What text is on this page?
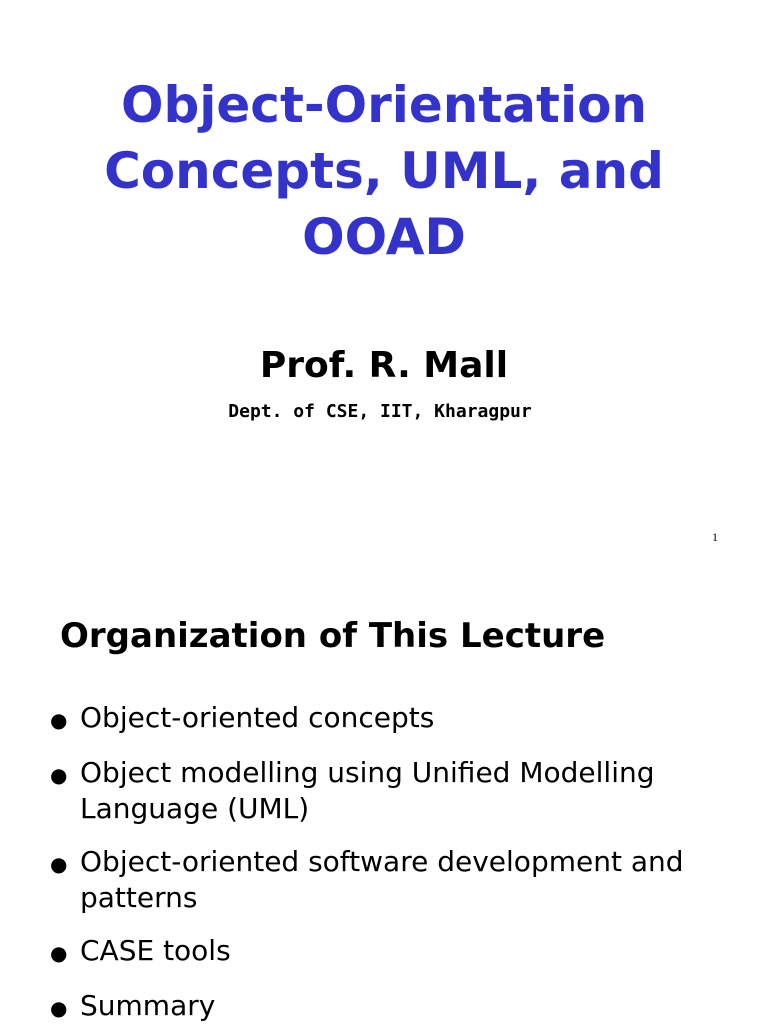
Object-Orientation
Concepts, UML, and
OOAD

Prof. R. Mall

Dept. of CSE, IIT, Kharagpur

1
Organization of This Lecture
● Object-oriented concepts
● Object modelling using Unified Modelling Language (UML)
● Object-oriented software development and patterns
● CASE tools
● Summary
